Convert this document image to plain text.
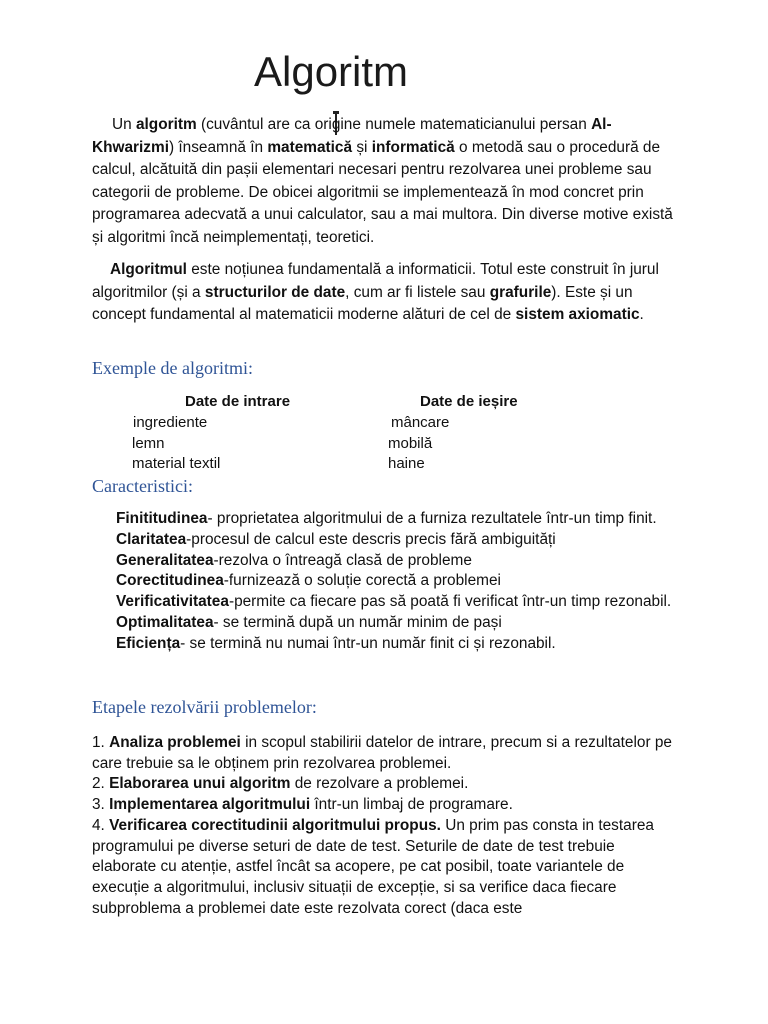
Algoritm
Un algoritm (cuvântul are ca origine numele matematicianului persan Al-Khwarizmi) înseamnă în matematică și informatică o metodă sau o procedură de calcul, alcătuită din pașii elementari necesari pentru rezolvarea unei probleme sau categorii de probleme. De obicei algoritmii se implementează în mod concret prin programarea adecvată a unui calculator, sau a mai multora. Din diverse motive există și algoritmi încă neimplementați, teoretici.
Algoritmul este noțiunea fundamentală a informaticii. Totul este construit în jurul algoritmilor (și a structurilor de date, cum ar fi listele sau grafurile). Este și un concept fundamental al matematicii moderne alături de cel de sistem axiomatic.
Exemple de algoritmi:
Date de intrare	Date de ieșire
ingrediente	mâncare
lemn	mobilă
material textil	haine
Caracteristici:
Finititudinea- proprietatea algoritmului de a furniza rezultatele într-un timp finit.
Claritatea-procesul de calcul este descris precis fără ambiguități
Generalitatea-rezolva o întreagă clasă de probleme
Corectitudinea-furnizează o soluție corectă a problemei
Verificativitatea-permite ca fiecare pas să poată fi verificat într-un timp rezonabil.
Optimalitatea- se termină după un număr minim de pași
Eficiența- se termină nu numai într-un număr finit ci și rezonabil.
Etapele rezolvării problemelor:
1. Analiza problemei in scopul stabilirii datelor de intrare, precum si a rezultatelor pe care trebuie sa le obținem prin rezolvarea problemei.
2. Elaborarea unui algoritm de rezolvare a problemei.
3. Implementarea algoritmului într-un limbaj de programare.
4. Verificarea corectitudinii algoritmului propus. Un prim pas consta in testarea programului pe diverse seturi de date de test. Seturile de date de test trebuie elaborate cu atenție, astfel încât sa acopere, pe cat posibil, toate variantele de execuție a algoritmului, inclusiv situații de excepție, si sa verifice daca fiecare subproblema a problemei date este rezolvata corect (daca este
